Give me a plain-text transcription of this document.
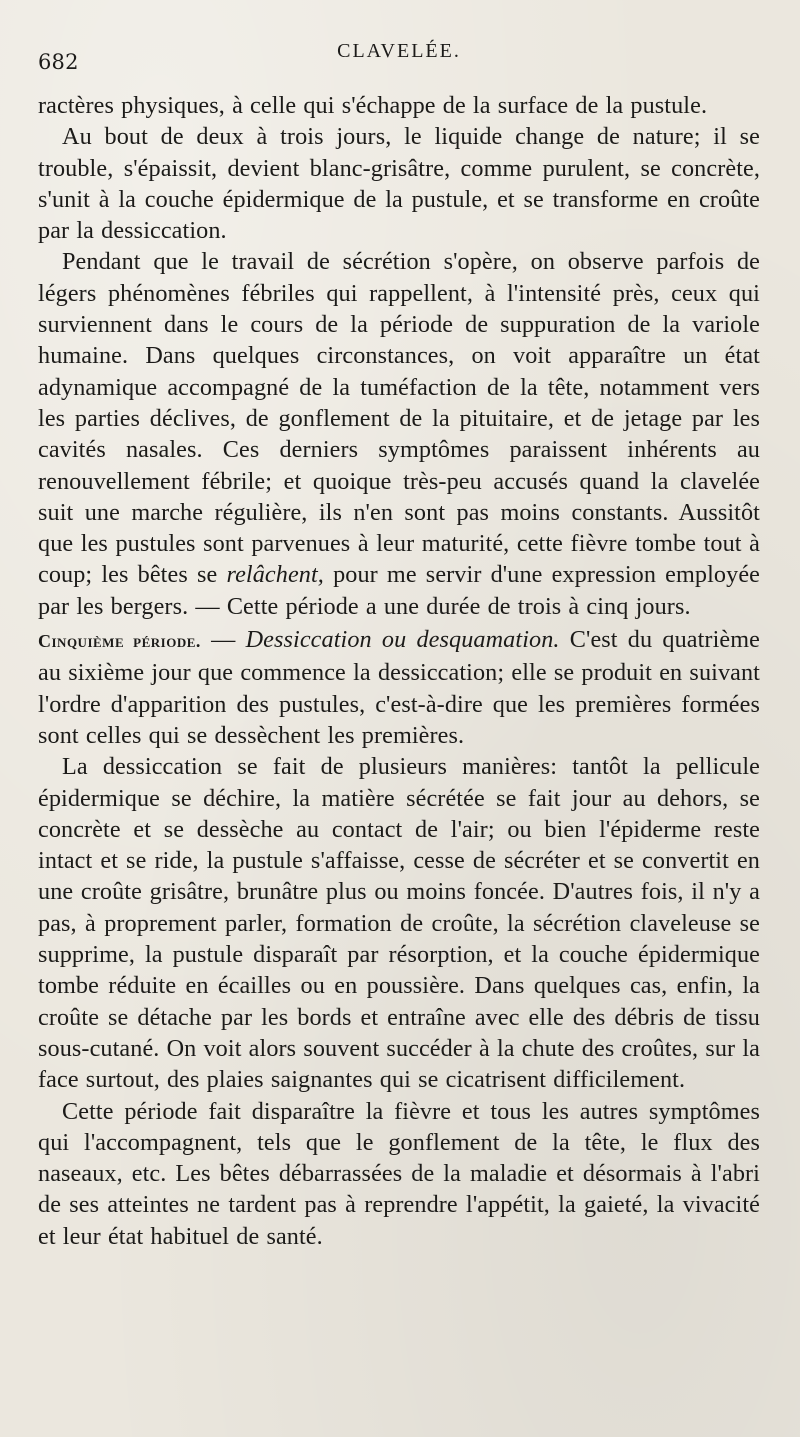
682	CLAVELÉE.

ractères physiques, à celle qui s'échappe de la surface de la pustule.

Au bout de deux à trois jours, le liquide change de nature; il se trouble, s'épaissit, devient blanc-grisâtre, comme purulent, se concrète, s'unit à la couche épidermique de la pustule, et se transforme en croûte par la dessiccation.

Pendant que le travail de sécrétion s'opère, on observe parfois de légers phénomènes fébriles qui rappellent, à l'intensité près, ceux qui surviennent dans le cours de la période de suppuration de la variole humaine. Dans quelques circonstances, on voit apparaître un état adynamique accompagné de la tuméfaction de la tête, notamment vers les parties déclives, de gonflement de la pituitaire, et de jetage par les cavités nasales. Ces derniers symptômes paraissent inhérents au renouvellement fébrile; et quoique très-peu accusés quand la clavelée suit une marche régulière, ils n'en sont pas moins constants. Aussitôt que les pustules sont parvenues à leur maturité, cette fièvre tombe tout à coup; les bêtes se relâchent, pour me servir d'une expression employée par les bergers. — Cette période a une durée de trois à cinq jours.

Cinquième période. — Dessiccation ou desquamation. C'est du quatrième au sixième jour que commence la dessiccation; elle se produit en suivant l'ordre d'apparition des pustules, c'est-à-dire que les premières formées sont celles qui se dessèchent les premières.

La dessiccation se fait de plusieurs manières: tantôt la pellicule épidermique se déchire, la matière sécrétée se fait jour au dehors, se concrète et se dessèche au contact de l'air; ou bien l'épiderme reste intact et se ride, la pustule s'affaisse, cesse de sécréter et se convertit en une croûte grisâtre, brunâtre plus ou moins foncée. D'autres fois, il n'y a pas, à proprement parler, formation de croûte, la sécrétion claveleuse se supprime, la pustule disparaît par résorption, et la couche épidermique tombe réduite en écailles ou en poussière. Dans quelques cas, enfin, la croûte se détache par les bords et entraîne avec elle des débris de tissu sous-cutané. On voit alors souvent succéder à la chute des croûtes, sur la face surtout, des plaies saignantes qui se cicatrisent difficilement.

Cette période fait disparaître la fièvre et tous les autres symptômes qui l'accompagnent, tels que le gonflement de la tête, le flux des naseaux, etc. Les bêtes débarrassées de la maladie et désormais à l'abri de ses atteintes ne tardent pas à reprendre l'appétit, la gaieté, la vivacité et leur état habituel de santé.
